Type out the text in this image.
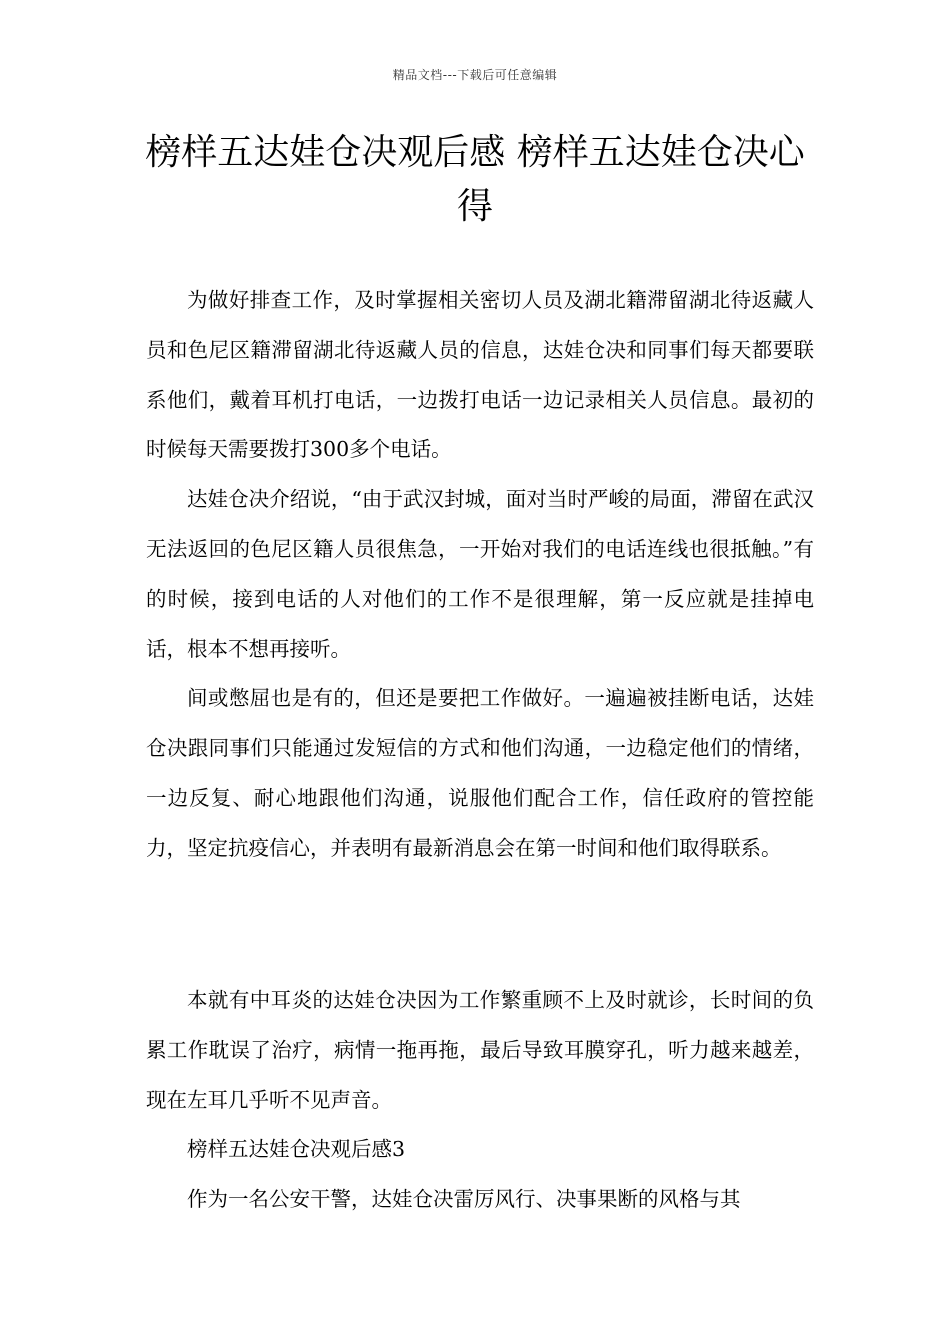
精品文档---下载后可任意编辑
榜样五达娃仓决观后感 榜样五达娃仓决心得

为做好排查工作，及时掌握相关密切人员及湖北籍滞留湖北待返藏人员和色尼区籍滞留湖北待返藏人员的信息，达娃仓决和同事们每天都要联系他们，戴着耳机打电话，一边拨打电话一边记录相关人员信息。最初的时候每天需要拨打300多个电话。

达娃仓决介绍说，“由于武汉封城，面对当时严峻的局面，滞留在武汉无法返回的色尼区籍人员很焦急，一开始对我们的电话连线也很抵触。”有的时候，接到电话的人对他们的工作不是很理解，第一反应就是挂掉电话，根本不想再接听。

间或憋屈也是有的，但还是要把工作做好。一遍遍被挂断电话，达娃仓决跟同事们只能通过发短信的方式和他们沟通，一边稳定他们的情绪，一边反复、耐心地跟他们沟通，说服他们配合工作，信任政府的管控能力，坚定抗疫信心，并表明有最新消息会在第一时间和他们取得联系。

本就有中耳炎的达娃仓决因为工作繁重顾不上及时就诊，长时间的负累工作耽误了治疗，病情一拖再拖，最后导致耳膜穿孔，听力越来越差，现在左耳几乎听不见声音。

榜样五达娃仓决观后感3

作为一名公安干警，达娃仓决雷厉风行、决事果断的风格与其
